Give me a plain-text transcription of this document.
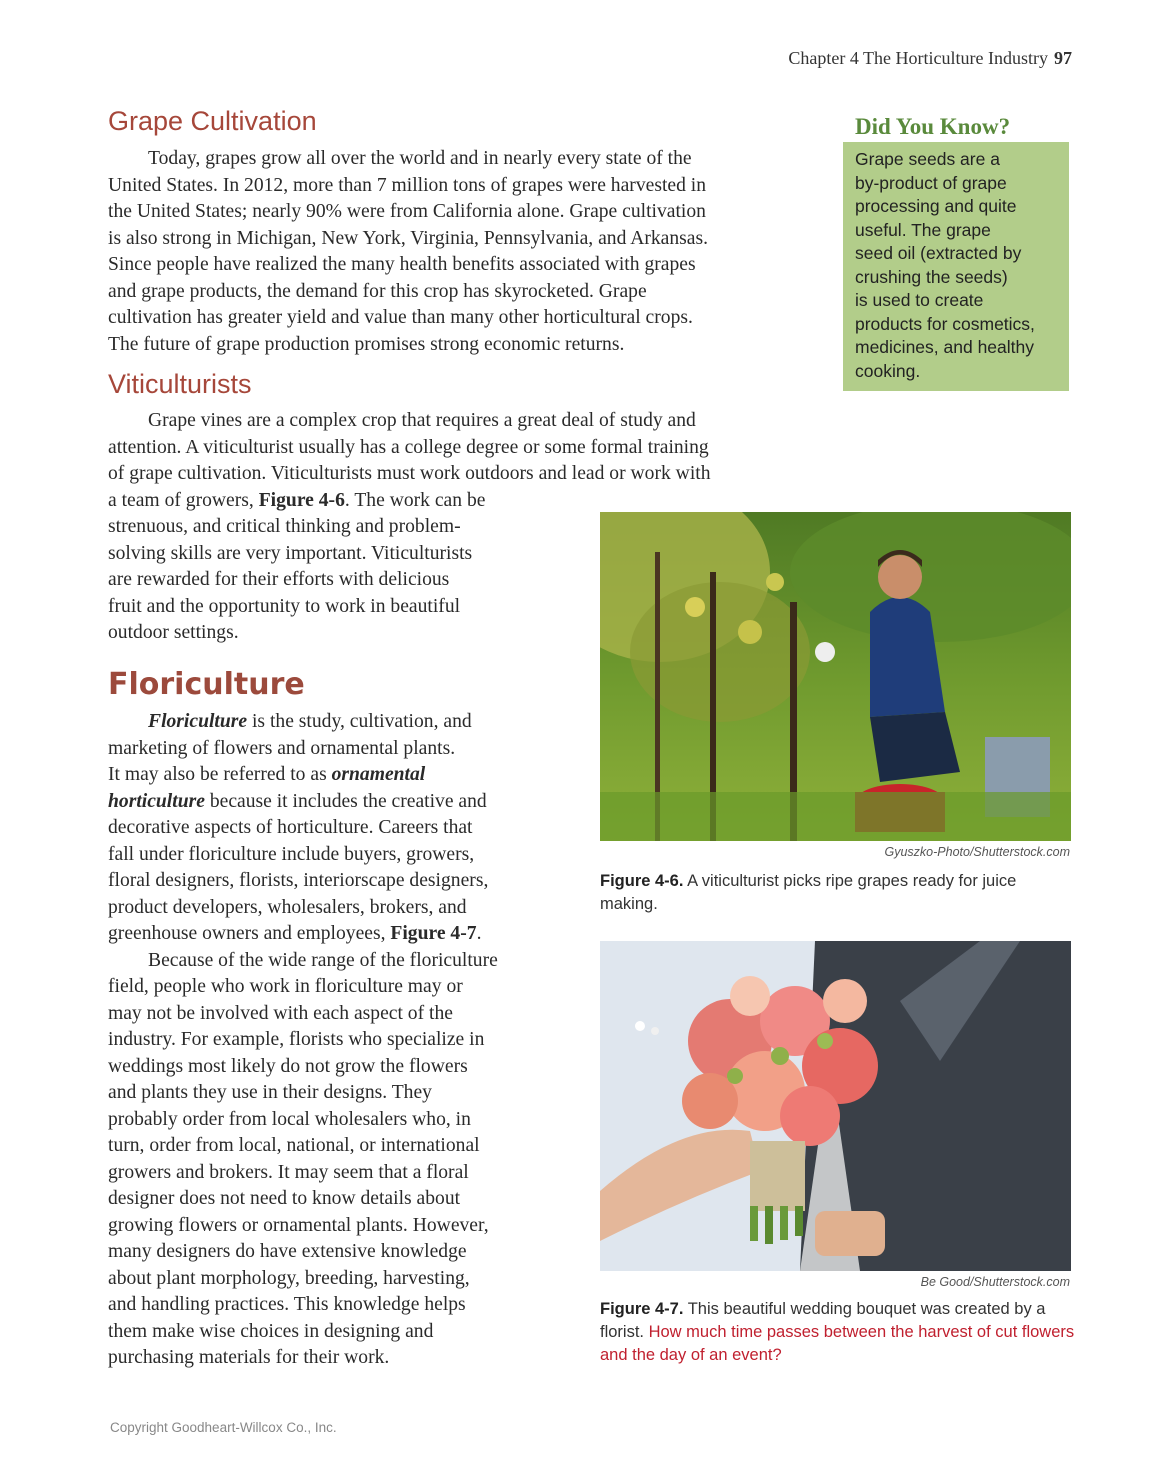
Chapter 4 The Horticulture Industry 97
Grape Cultivation
Today, grapes grow all over the world and in nearly every state of the
United States. In 2012, more than 7 million tons of grapes were harvested in
the United States; nearly 90% were from California alone. Grape cultivation
is also strong in Michigan, New York, Virginia, Pennsylvania, and Arkansas.
Since people have realized the many health benefits associated with grapes
and grape products, the demand for this crop has skyrocketed. Grape
cultivation has greater yield and value than many other horticultural crops.
The future of grape production promises strong economic returns.
Viticulturists
Grape vines are a complex crop that requires a great deal of study and
attention. A viticulturist usually has a college degree or some formal training
of grape cultivation. Viticulturists must work outdoors and lead or work with
a team of growers, Figure 4-6. The work can be
strenuous, and critical thinking and problem-
solving skills are very important. Viticulturists
are rewarded for their efforts with delicious
fruit and the opportunity to work in beautiful
outdoor settings.
Floriculture
Floriculture is the study, cultivation, and
marketing of flowers and ornamental plants.
It may also be referred to as ornamental
horticulture because it includes the creative and
decorative aspects of horticulture. Careers that
fall under floriculture include buyers, growers,
floral designers, florists, interiorscape designers,
product developers, wholesalers, brokers, and
greenhouse owners and employees, Figure 4-7.
Because of the wide range of the floriculture
field, people who work in floriculture may or
may not be involved with each aspect of the
industry. For example, florists who specialize in
weddings most likely do not grow the flowers
and plants they use in their designs. They
probably order from local wholesalers who, in
turn, order from local, national, or international
growers and brokers. It may seem that a floral
designer does not need to know details about
growing flowers or ornamental plants. However,
many designers do have extensive knowledge
about plant morphology, breeding, harvesting,
and handling practices. This knowledge helps
them make wise choices in designing and
purchasing materials for their work.
Did You Know?
Grape seeds are a
by-product of grape
processing and quite
useful. The grape
seed oil (extracted by
crushing the seeds)
is used to create
products for cosmetics,
medicines, and healthy
cooking.
Gyuszko-Photo/Shutterstock.com

Figure 4-6. A viticulturist picks ripe grapes ready for juice making.

Be Good/Shutterstock.com

Figure 4-7. This beautiful wedding bouquet was created by a florist. How much time passes between the harvest of cut flowers and the day of an event?

Copyright Goodheart-Willcox Co., Inc.
